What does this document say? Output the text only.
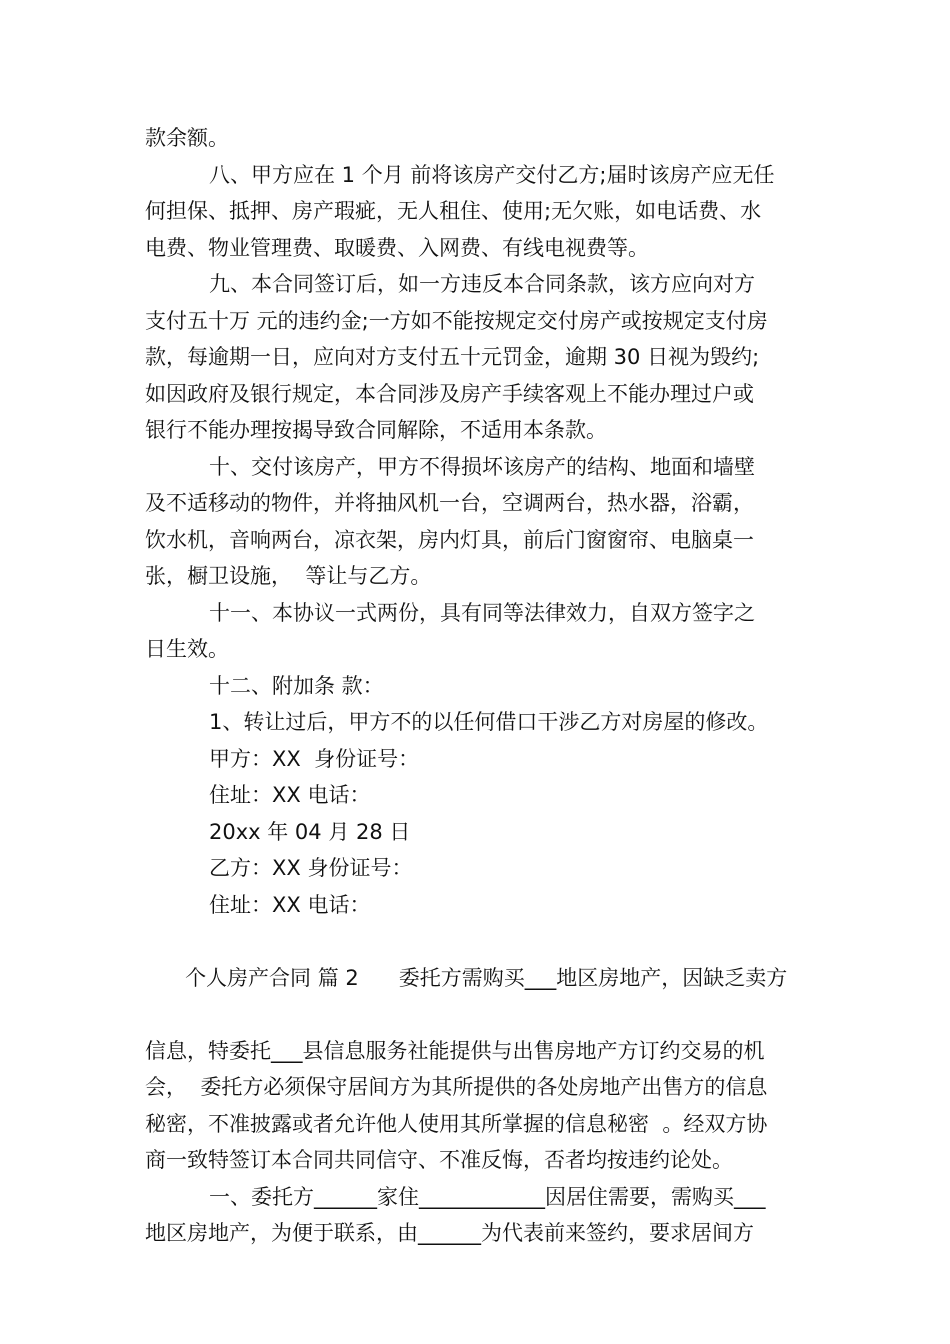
款余额。

八、甲方应在 1 个月 前将该房产交付乙方;届时该房产应无任

何担保、抵押、房产瑕疵，无人租住、使用;无欠账，如电话费、水

电费、物业管理费、取暖费、入网费、有线电视费等。

九、本合同签订后，如一方违反本合同条款，该方应向对方

支付五十万 元的违约金;一方如不能按规定交付房产或按规定支付房

款，每逾期一日，应向对方支付五十元罚金，逾期 30 日视为毁约;

如因政府及银行规定，本合同涉及房产手续客观上不能办理过户或

银行不能办理按揭导致合同解除，不适用本条款。

十、交付该房产，甲方不得损坏该房产的结构、地面和墙壁

及不适移动的物件，并将抽风机一台，空调两台，热水器，浴霸，

饮水机，音响两台，凉衣架，房内灯具，前后门窗窗帘、电脑桌一

张，橱卫设施，  等让与乙方。

十一、本协议一式两份，具有同等法律效力，自双方签字之

日生效。

十二、附加条 款：

1、转让过后，甲方不的以任何借口干涉乙方对房屋的修改。

甲方：XX  身份证号：

住址：XX 电话：

20xx 年 04 月 28 日

乙方：XX 身份证号：

住址：XX 电话：

个人房产合同 篇 2 委托方需购买___地区房地产，因缺乏卖方

信息，特委托___县信息服务社能提供与出售房地产方订约交易的机

会，  委托方必须保守居间方为其所提供的各处房地产出售方的信息

秘密，不准披露或者允许他人使用其所掌握的信息秘密  。经双方协

商一致特签订本合同共同信守、不准反悔，否者均按违约论处。

一、委托方______家住____________因居住需要，需购买___

地区房地产，为便于联系，由______为代表前来签约，要求居间方
